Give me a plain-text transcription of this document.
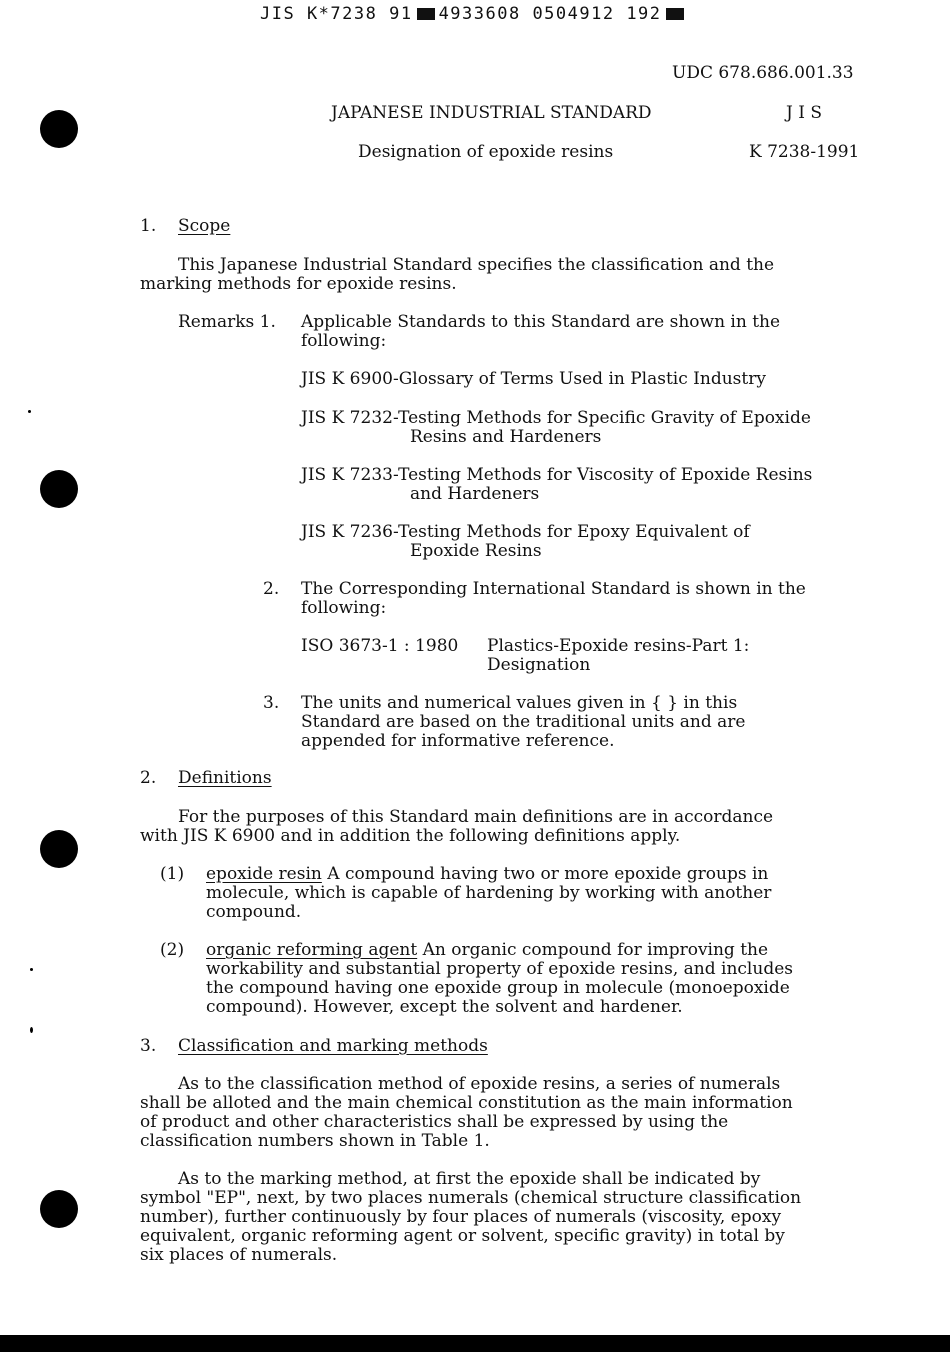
JIS K*7238 91 4933608 0504912 192
UDC 678.686.001.33
JAPANESE INDUSTRIAL STANDARD	J I S
Designation of epoxide resins	K 7238-1991
1. Scope
This Japanese Industrial Standard specifies the classification and the
marking methods for epoxide resins.
Remarks 1. Applicable Standards to this Standard are shown in the
following:
JIS K 6900-Glossary of Terms Used in Plastic Industry
JIS K 7232-Testing Methods for Specific Gravity of Epoxide
Resins and Hardeners
JIS K 7233-Testing Methods for Viscosity of Epoxide Resins
and Hardeners
JIS K 7236-Testing Methods for Epoxy Equivalent of
Epoxide Resins
2. The Corresponding International Standard is shown in the
following:
ISO 3673-1 : 1980 Plastics-Epoxide resins-Part 1:
Designation
3. The units and numerical values given in { } in this
Standard are based on the traditional units and are
appended for informative reference.
2. Definitions
For the purposes of this Standard main definitions are in accordance
with JIS K 6900 and in addition the following definitions apply.
(1) epoxide resin A compound having two or more epoxide groups in
molecule, which is capable of hardening by working with another
compound.
(2) organic reforming agent An organic compound for improving the
workability and substantial property of epoxide resins, and includes
the compound having one epoxide group in molecule (monoepoxide
compound). However, except the solvent and hardener.
3. Classification and marking methods
As to the classification method of epoxide resins, a series of numerals
shall be alloted and the main chemical constitution as the main information
of product and other characteristics shall be expressed by using the
classification numbers shown in Table 1.
As to the marking method, at first the epoxide shall be indicated by
symbol "EP", next, by two places numerals (chemical structure classification
number), further continuously by four places of numerals (viscosity, epoxy
equivalent, organic reforming agent or solvent, specific gravity) in total by
six places of numerals.
